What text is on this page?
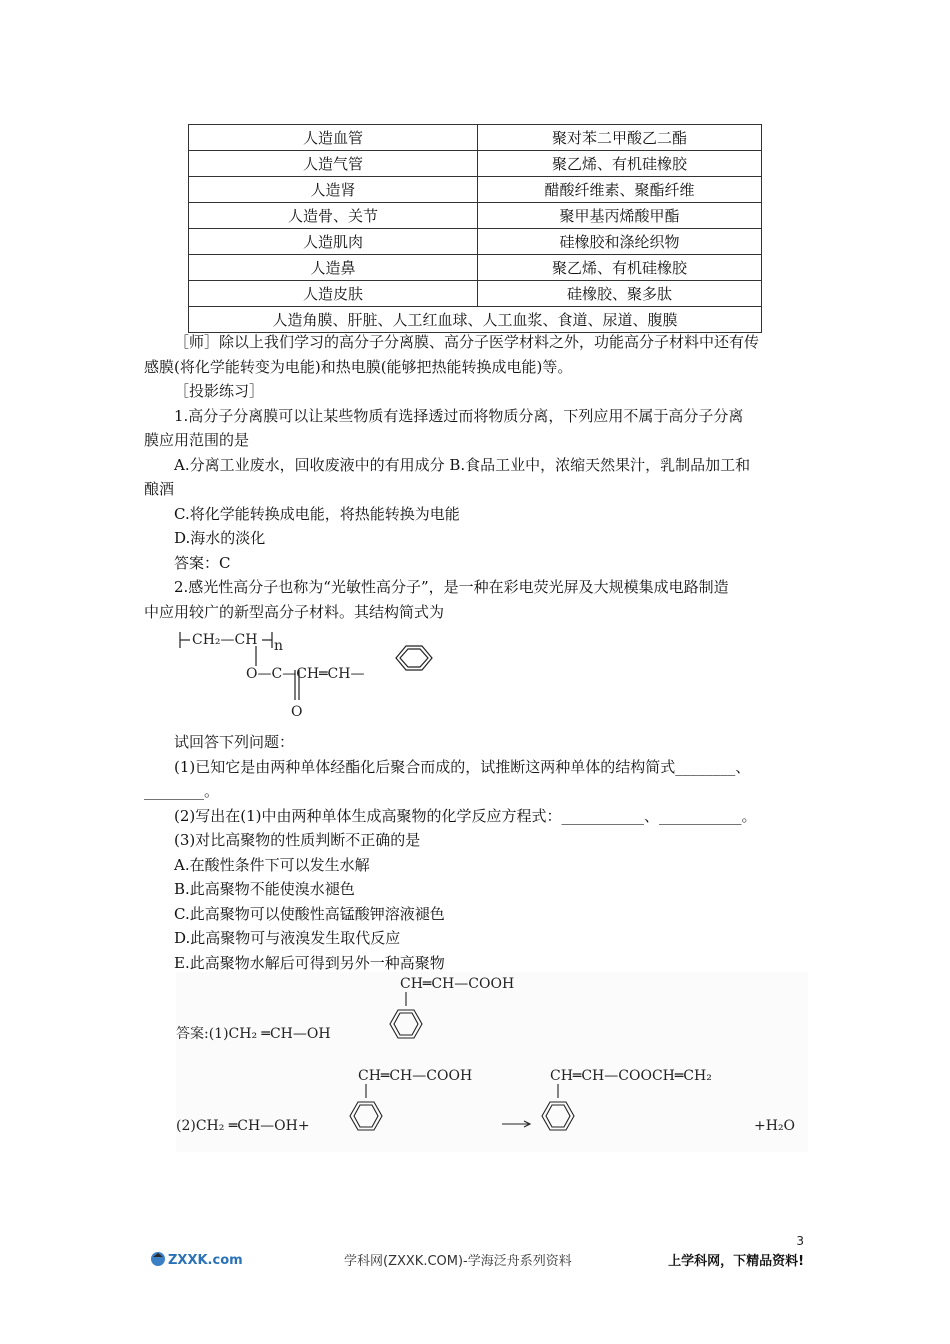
人造血管	聚对苯二甲酸乙二酯
人造气管	聚乙烯、有机硅橡胶
人造肾	醋酸纤维素、聚酯纤维
人造骨、关节	聚甲基丙烯酸甲酯
人造肌肉	硅橡胶和涤纶织物
人造鼻	聚乙烯、有机硅橡胶
人造皮肤	硅橡胶、聚多肽
人造角膜、肝脏、人工红血球、人工血浆、食道、尿道、腹膜	

［师］除以上我们学习的高分子分离膜、高分子医学材料之外，功能高分子材料中还有传

感膜(将化学能转变为电能)和热电膜(能够把热能转换成电能)等。

［投影练习］

1.高分子分离膜可以让某些物质有选择透过而将物质分离，下列应用不属于高分子分离

膜应用范围的是

A.分离工业废水，回收废液中的有用成分 B.食品工业中，浓缩天然果汁，乳制品加工和

酿酒

C.将化学能转换成电能，将热能转换为电能

D.海水的淡化

答案：C

2.感光性高分子也称为“光敏性高分子”，是一种在彩电荧光屏及大规模集成电路制造

中应用较广的新型高分子材料。其结构简式为

CH₂—CH n
O—C—CH═CH—
O

试回答下列问题：

(1)已知它是由两种单体经酯化后聚合而成的，试推断这两种单体的结构简式________、

________。

(2)写出在(1)中由两种单体生成高聚物的化学反应方程式：___________、___________。

(3)对比高聚物的性质判断不正确的是

A.在酸性条件下可以发生水解

B.此高聚物不能使溴水褪色

C.此高聚物可以使酸性高锰酸钾溶液褪色

D.此高聚物可与液溴发生取代反应

E.此高聚物水解后可得到另外一种高聚物

CH═CH—COOH
答案:(1)CH₂ ═CH—OH
CH═CH—COOH	CH═CH—COOCH═CH₂
(2)CH₂ ═CH—OH+	+H₂O
3
ZXXK.com	学科网(ZXXK.COM)-学海泛舟系列资料	上学科网，下精品资料!
